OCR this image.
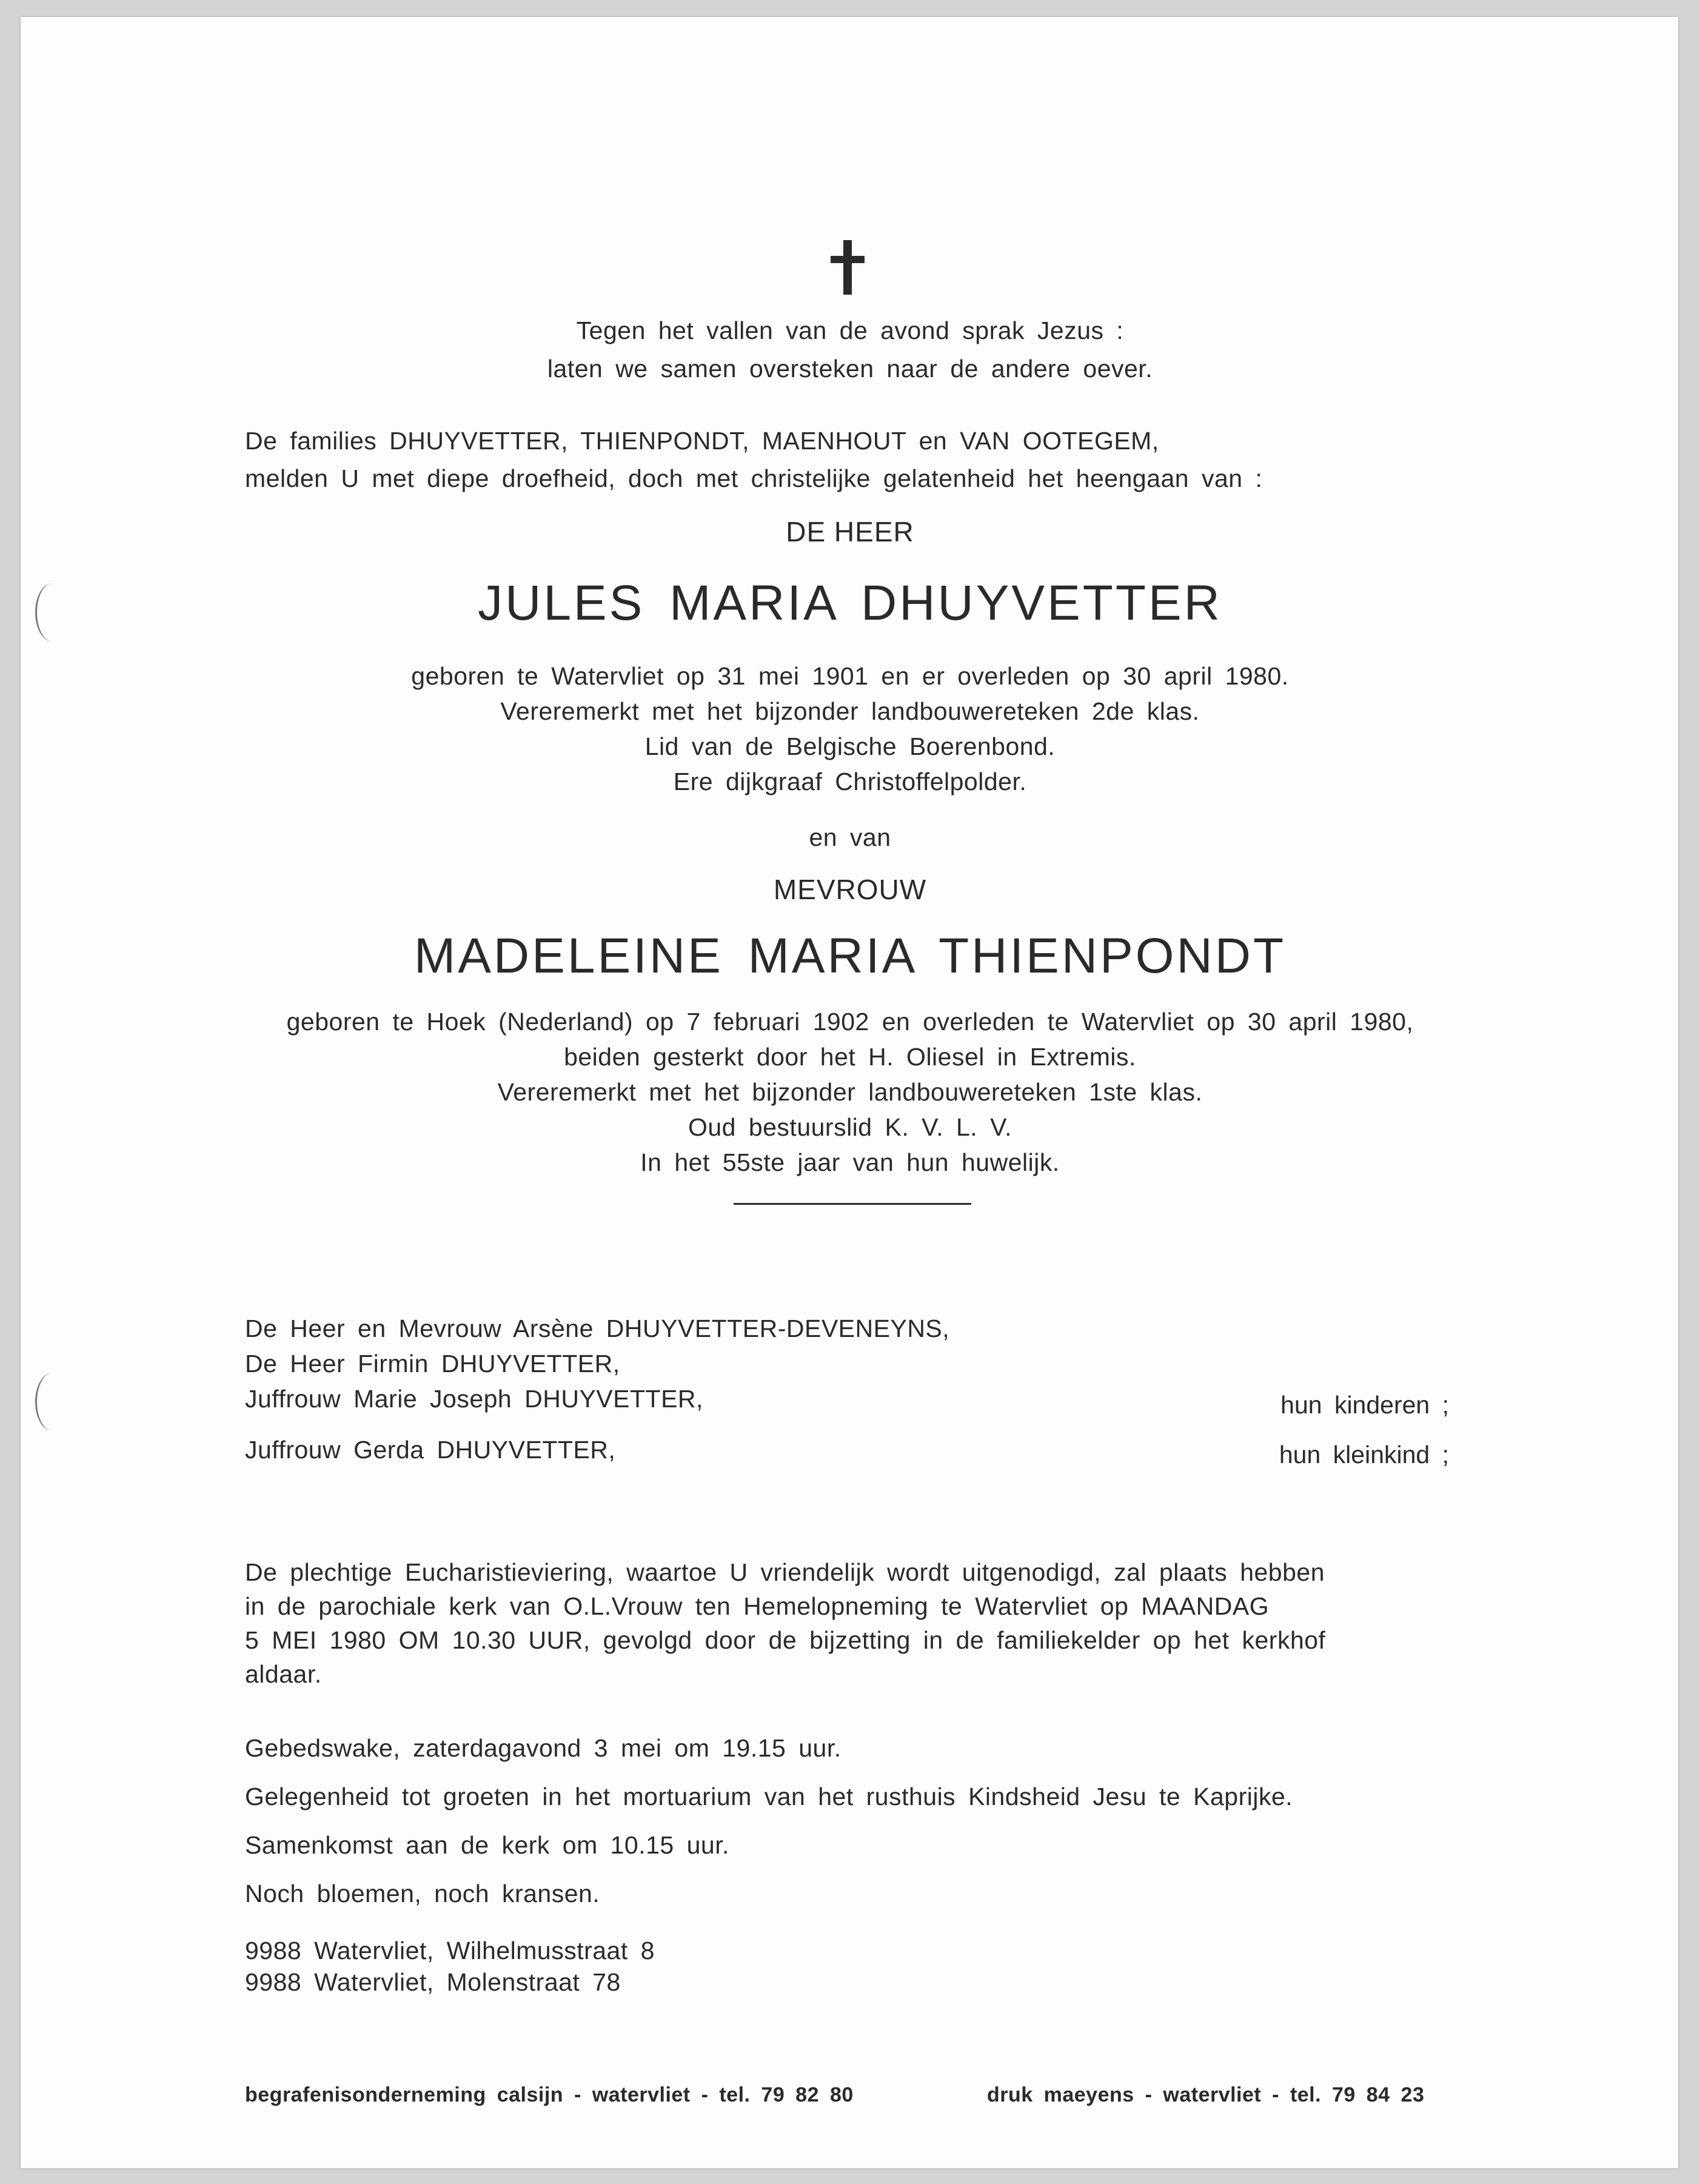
Tegen het vallen van de avond sprak Jezus :
laten we samen oversteken naar de andere oever.
De families DHUYVETTER, THIENPONDT, MAENHOUT en VAN OOTEGEM,
melden U met diepe droefheid, doch met christelijke gelatenheid het heengaan van :
DE HEER
JULES MARIA DHUYVETTER
geboren te Watervliet op 31 mei 1901 en er overleden op 30 april 1980.
Vereremerkt met het bijzonder landbouwereteken 2de klas.
Lid van de Belgische Boerenbond.
Ere dijkgraaf Christoffelpolder.
en van
MEVROUW
MADELEINE MARIA THIENPONDT
geboren te Hoek (Nederland) op 7 februari 1902 en overleden te Watervliet op 30 april 1980,
beiden gesterkt door het H. Oliesel in Extremis.
Vereremerkt met het bijzonder landbouwereteken 1ste klas.
Oud bestuurslid K. V. L. V.
In het 55ste jaar van hun huwelijk.
De Heer en Mevrouw Arsène DHUYVETTER-DEVENEYNS,
De Heer Firmin DHUYVETTER,
Juffrouw Marie Joseph DHUYVETTER,	hun kinderen ;
Juffrouw Gerda DHUYVETTER,	hun kleinkind ;
De plechtige Eucharistieviering, waartoe U vriendelijk wordt uitgenodigd, zal plaats hebben
in de parochiale kerk van O.L.Vrouw ten Hemelopneming te Watervliet op MAANDAG
5 MEI 1980 OM 10.30 UUR, gevolgd door de bijzetting in de familiekelder op het kerkhof
aldaar.
Gebedswake, zaterdagavond 3 mei om 19.15 uur.
Gelegenheid tot groeten in het mortuarium van het rusthuis Kindsheid Jesu te Kaprijke.
Samenkomst aan de kerk om 10.15 uur.
Noch bloemen, noch kransen.
9988 Watervliet, Wilhelmusstraat 8
9988 Watervliet, Molenstraat 78
begrafenisonderneming calsijn - watervliet - tel. 79 82 80	druk maeyens - watervliet - tel. 79 84 23
